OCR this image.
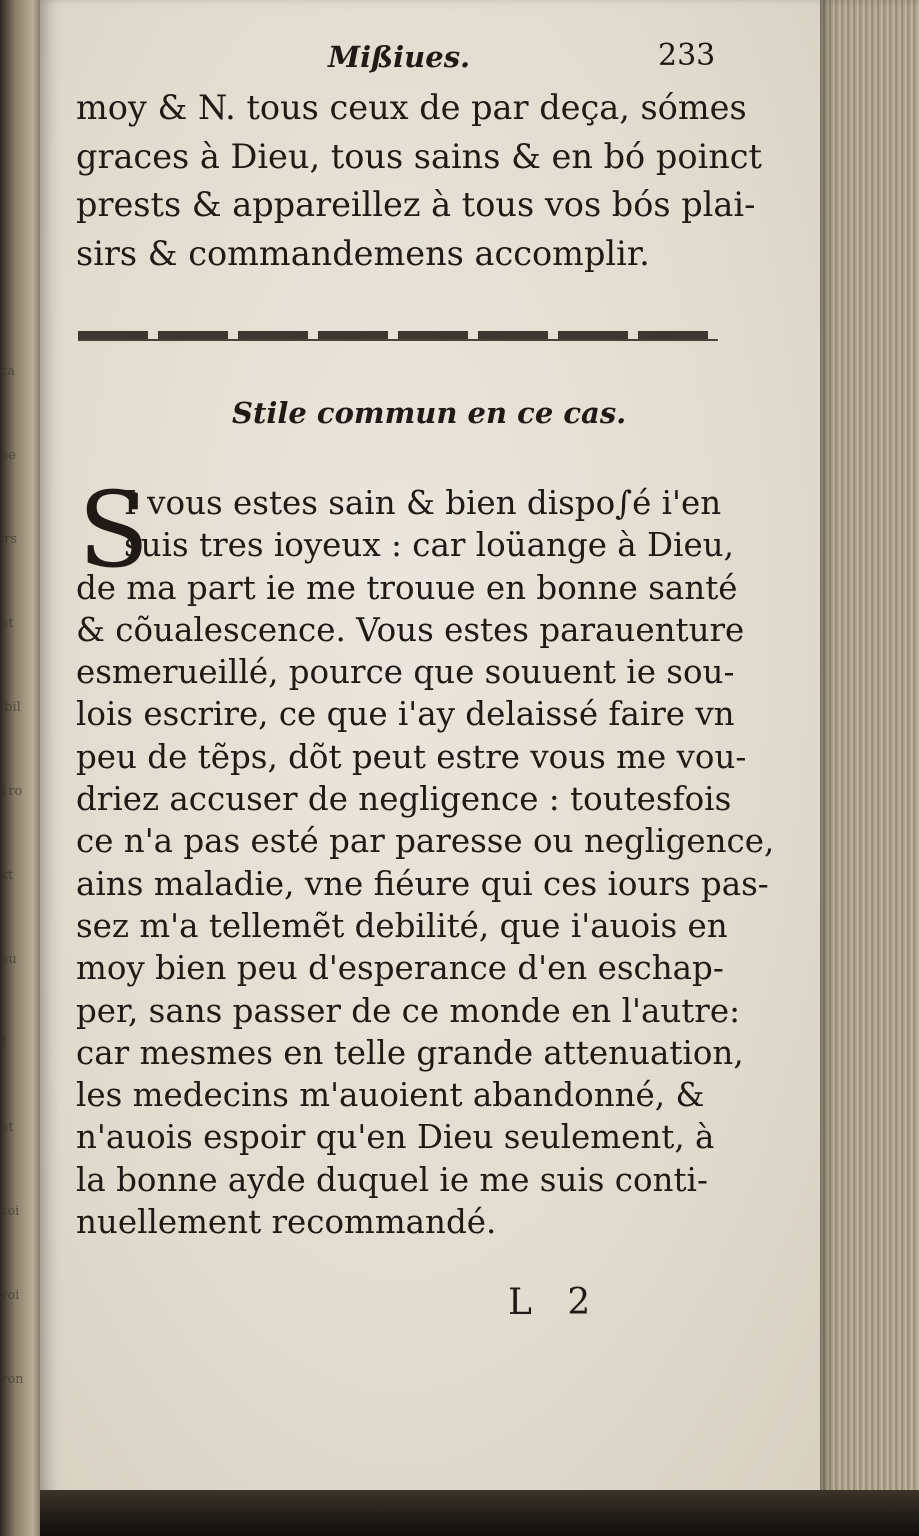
ca
he
irs
nt
ibil
1ro
kt
nu
1
nt
coi
voi
von
Mißiues.	233
moy & N. tous ceux de par deça, sómes
graces à Dieu, tous sains & en bó poinct
prests & appareillez à tous vos bós plai-
sirs & commandemens accomplir.
Stile commun en ce cas.
S
I vous estes sain & bien dispo∫é i'en
suis tres ioyeux : car loüange à Dieu,
de ma part ie me trouue en bonne santé
& cõualescence. Vous estes parauenture
esmerueillé, pource que souuent ie sou-
lois escrire, ce que i'ay delaissé faire vn
peu de tẽps, dõt peut estre vous me vou-
driez accuser de negligence : toutesfois
ce n'a pas esté par paresse ou negligence,
ains maladie, vne fiéure qui ces iours pas-
sez m'a tellemẽt debilité, que i'auois en
moy bien peu d'esperance d'en eschap-
per, sans passer de ce monde en l'autre:
car mesmes en telle grande attenuation,
les medecins m'auoient abandonné, &
n'auois espoir qu'en Dieu seulement, à
la bonne ayde duquel ie me suis conti-
nuellement recommandé.
L 2
